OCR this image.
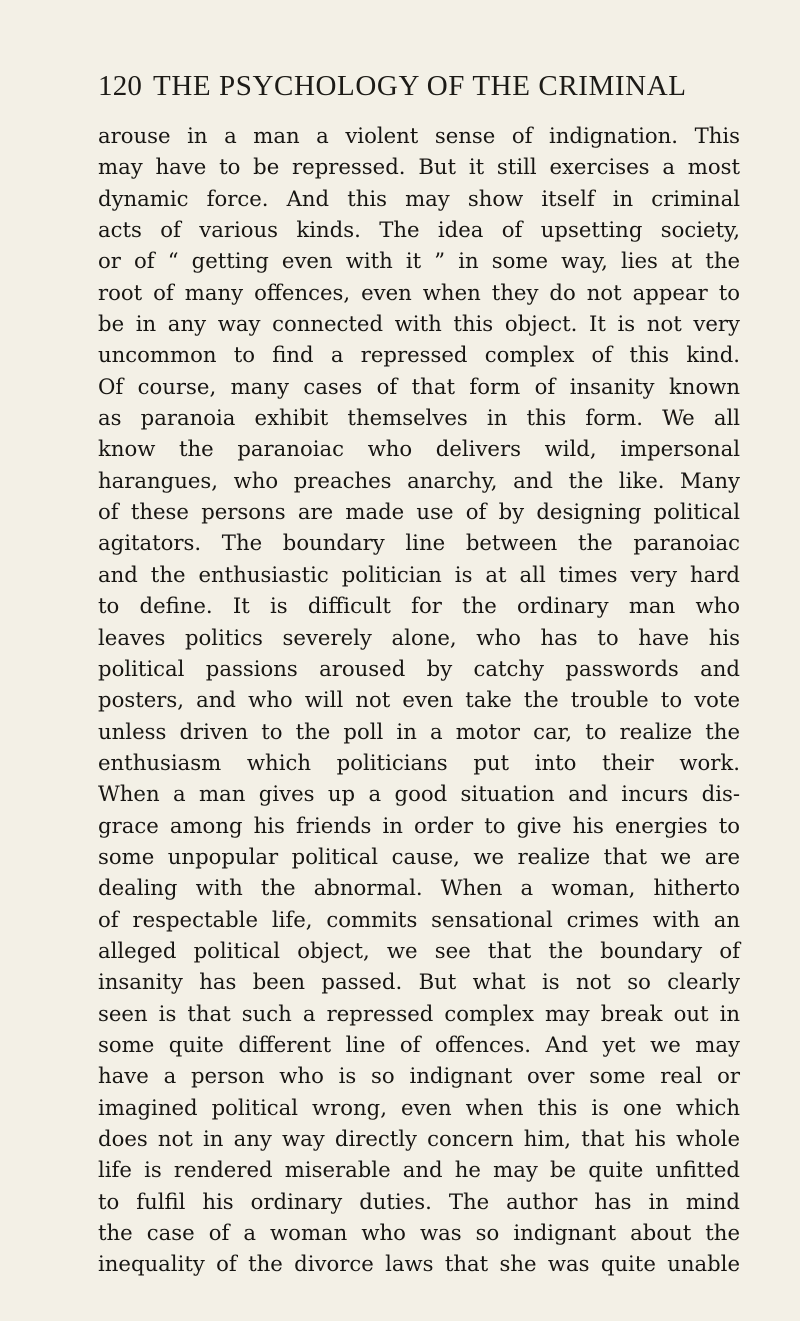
120 THE PSYCHOLOGY OF THE CRIMINAL
arouse in a man a violent sense of indignation. This
may have to be repressed. But it still exercises a most
dynamic force. And this may show itself in criminal
acts of various kinds. The idea of upsetting society,
or of “ getting even with it ” in some way, lies at the
root of many offences, even when they do not appear to
be in any way connected with this object. It is not very
uncommon to find a repressed complex of this kind.
Of course, many cases of that form of insanity known
as paranoia exhibit themselves in this form. We all
know the paranoiac who delivers wild, impersonal
harangues, who preaches anarchy, and the like. Many
of these persons are made use of by designing political
agitators. The boundary line between the paranoiac
and the enthusiastic politician is at all times very hard
to define. It is difficult for the ordinary man who
leaves politics severely alone, who has to have his
political passions aroused by catchy passwords and
posters, and who will not even take the trouble to vote
unless driven to the poll in a motor car, to realize the
enthusiasm which politicians put into their work.
When a man gives up a good situation and incurs dis-
grace among his friends in order to give his energies to
some unpopular political cause, we realize that we are
dealing with the abnormal. When a woman, hitherto
of respectable life, commits sensational crimes with an
alleged political object, we see that the boundary of
insanity has been passed. But what is not so clearly
seen is that such a repressed complex may break out in
some quite different line of offences. And yet we may
have a person who is so indignant over some real or
imagined political wrong, even when this is one which
does not in any way directly concern him, that his whole
life is rendered miserable and he may be quite unfitted
to fulfil his ordinary duties. The author has in mind
the case of a woman who was so indignant about the
inequality of the divorce laws that she was quite unable
